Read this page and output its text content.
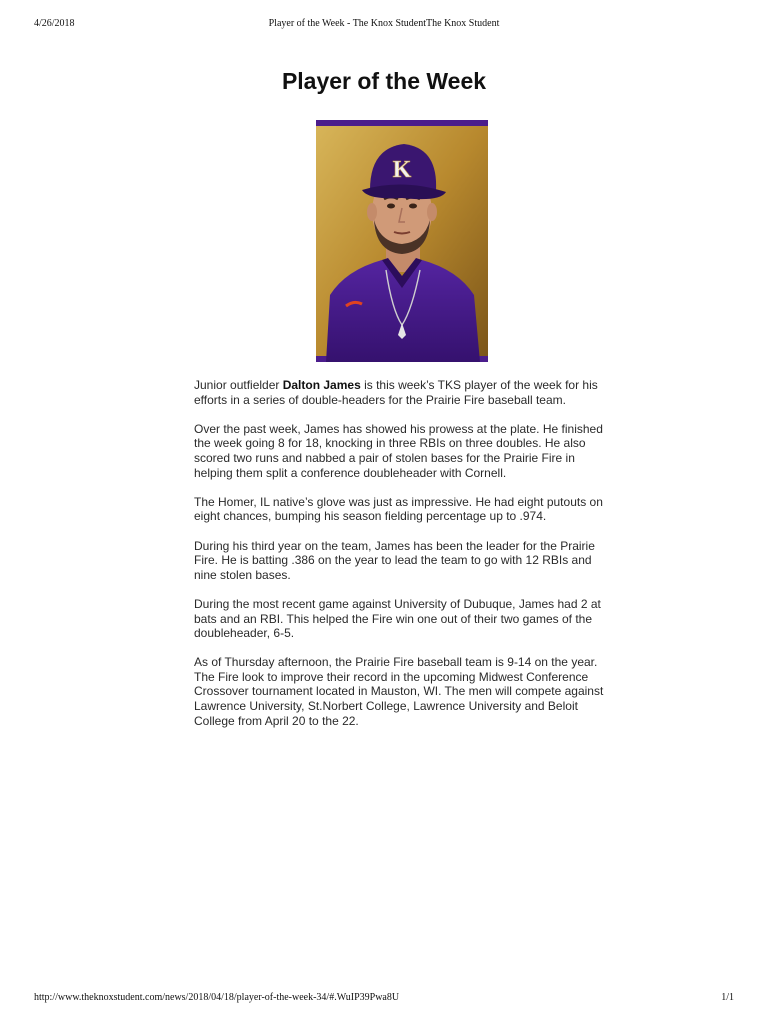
4/26/2018	Player of the Week - The Knox StudentThe Knox Student
Player of the Week
K

Junior outfielder Dalton James is this week’s TKS player of the week for his efforts in a series of double-headers for the Prairie Fire baseball team.

Over the past week, James has showed his prowess at the plate. He finished the week going 8 for 18, knocking in three RBIs on three doubles. He also scored two runs and nabbed a pair of stolen bases for the Prairie Fire in helping them split a conference doubleheader with Cornell.

The Homer, IL native’s glove was just as impressive. He had eight putouts on eight chances, bumping his season fielding percentage up to .974.

During his third year on the team, James has been the leader for the Prairie Fire. He is batting .386 on the year to lead the team to go with 12 RBIs and nine stolen bases.

During the most recent game against University of Dubuque, James had 2 at bats and an RBI. This helped the Fire win one out of their two games of the doubleheader, 6-5.

As of Thursday afternoon, the Prairie Fire baseball team is 9-14 on the year. The Fire look to improve their record in the upcoming Midwest Conference Crossover tournament located in Mauston, WI. The men will compete against Lawrence University, St.Norbert College, Lawrence University and Beloit College from April 20 to the 22.

http://www.theknoxstudent.com/news/2018/04/18/player-of-the-week-34/#.WuIP39Pwa8U	1/1
